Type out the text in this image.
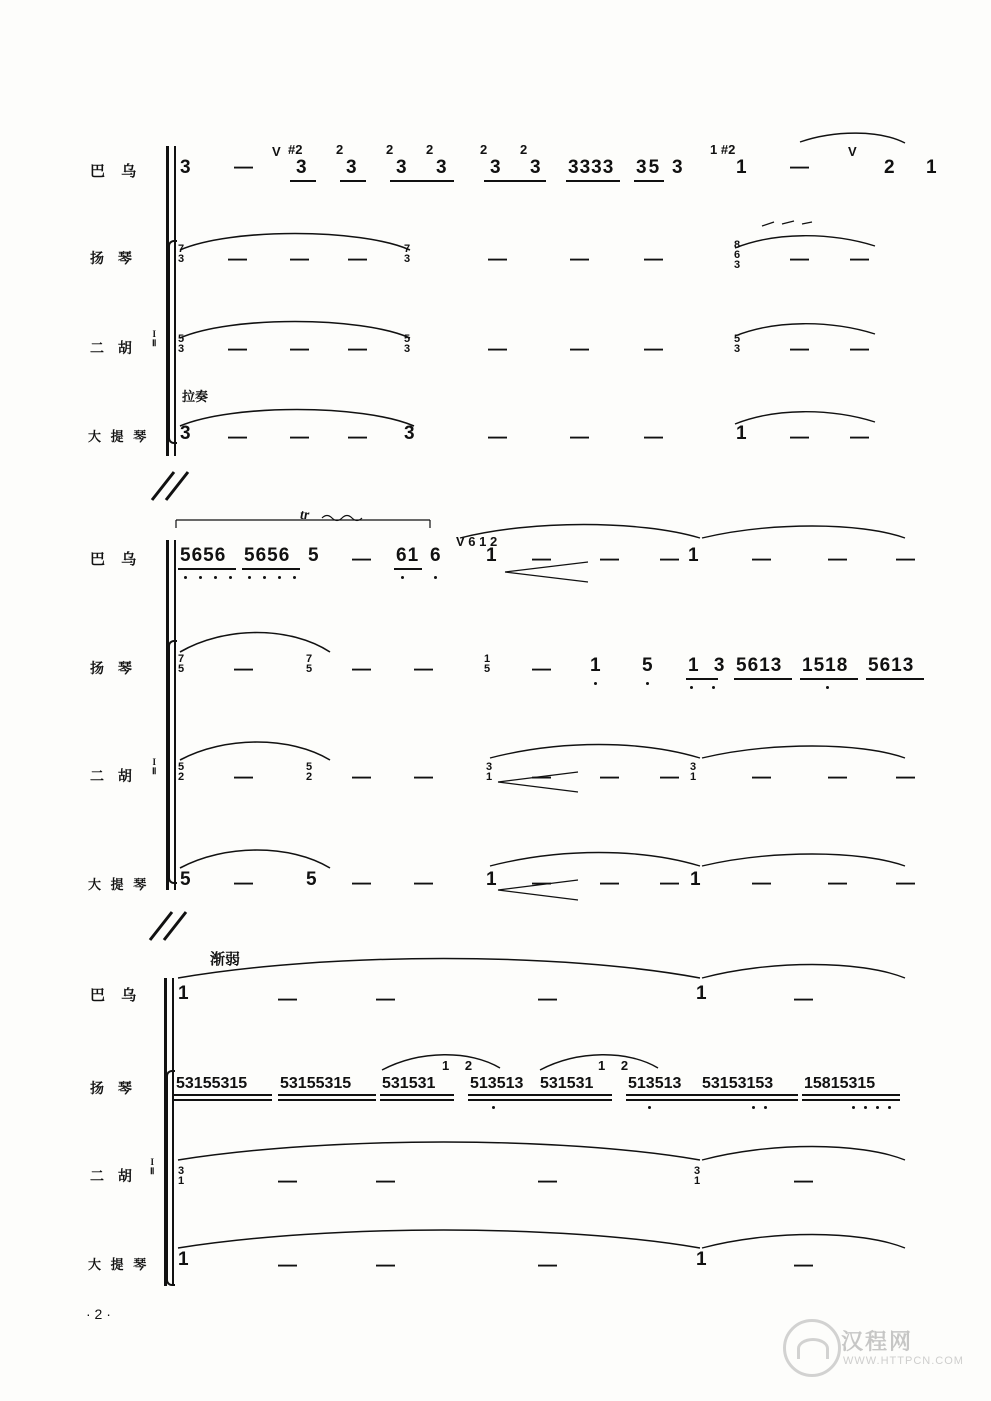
巴 乌
扬 琴
二 胡
大 提 琴
I
Ⅱ
3 —
V #2
3
2
3
2
3
2
3
2
3
2
3 3333 35 3
1 #2
1 —
V
2 1
7
3 — — —	7
3	—	—	—
8
6
3	— —
5
3 — — —	5
3	—	—	—	5
3	— —
拉奏
3 — — — 3	—	—	—	1 — —
巴 乌
扬 琴
二 胡
大 提 琴
I
Ⅱ
tr
5656 5656 5 — 61 6
V 6 1 2
1 —	— — 1	—	—	—
7
5	—	7
5 — —	1
5 — 1 5 1 3 5613 1518 5613
5
2	—	5
2 — —	3
1 —	— — 3
1	—	—	—
5 —	5 — —	1 —	— — 1	—	—	—
巴 乌
扬 琴
二 胡
大 提 琴
I
Ⅱ
渐弱
1	—	—	—	1	—
53155315 53155315 531531
1 2
513513 531531
1 2
513513 53153153 15815315
3
1	—	—	—	3
1	—
1	—	—	—	1	—
· 2 ·
汉程网
WWW.HTTPCN.COM
